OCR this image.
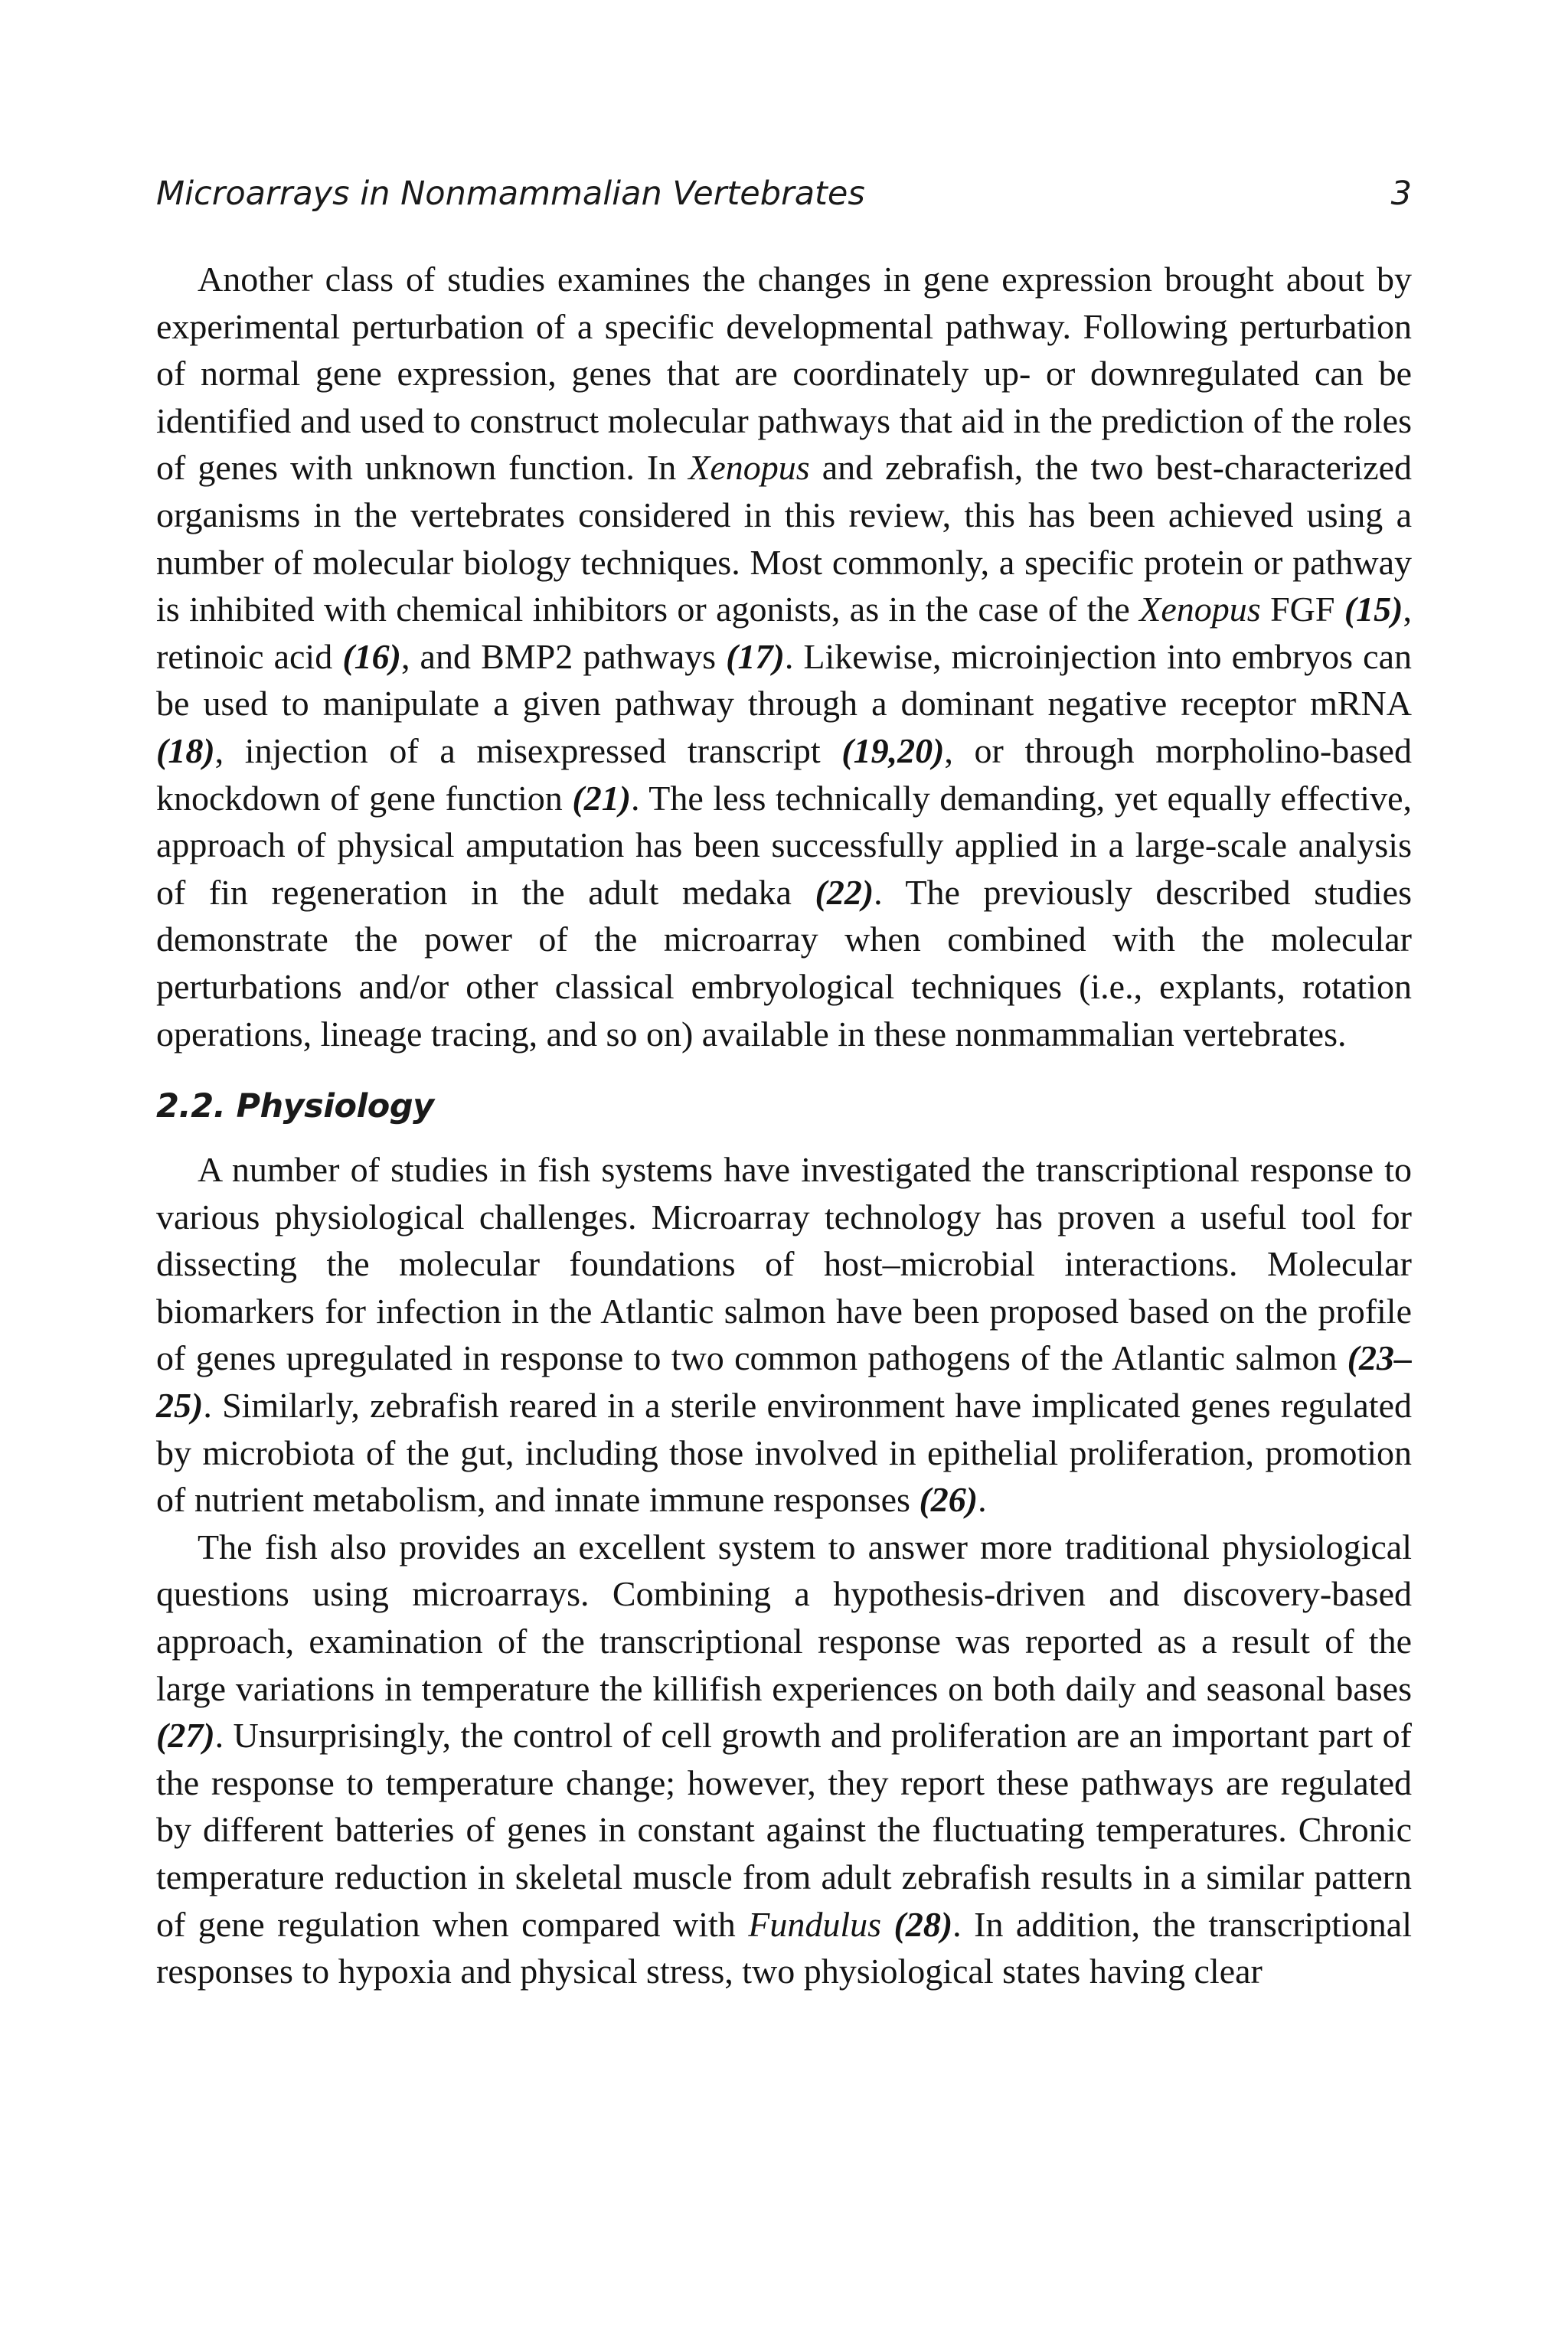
Microarrays in Nonmammalian Vertebrates	3

Another class of studies examines the changes in gene expression brought about by experimental perturbation of a specific developmental pathway. Following perturbation of normal gene expression, genes that are coordinately up- or downregulated can be identified and used to construct molecular pathways that aid in the prediction of the roles of genes with unknown function. In Xenopus and zebrafish, the two best-characterized organisms in the vertebrates considered in this review, this has been achieved using a number of molecular biology techniques. Most commonly, a specific protein or pathway is inhibited with chemical inhibitors or agonists, as in the case of the Xenopus FGF (15), retinoic acid (16), and BMP2 pathways (17). Likewise, microinjection into embryos can be used to manipulate a given pathway through a dominant negative receptor mRNA (18), injection of a misexpressed transcript (19,20), or through morpholino-based knockdown of gene function (21). The less technically demanding, yet equally effective, approach of physical amputation has been successfully applied in a large-scale analysis of fin regeneration in the adult medaka (22). The previously described studies demonstrate the power of the microarray when combined with the molecular perturbations and/or other classical embryological techniques (i.e., explants, rotation operations, lineage tracing, and so on) available in these nonmammalian vertebrates.

2.2. Physiology

A number of studies in fish systems have investigated the transcriptional response to various physiological challenges. Microarray technology has proven a useful tool for dissecting the molecular foundations of host–microbial interactions. Molecular biomarkers for infection in the Atlantic salmon have been proposed based on the profile of genes upregulated in response to two common pathogens of the Atlantic salmon (23–25). Similarly, zebrafish reared in a sterile environment have implicated genes regulated by microbiota of the gut, including those involved in epithelial proliferation, promotion of nutrient metabolism, and innate immune responses (26).

The fish also provides an excellent system to answer more traditional physiological questions using microarrays. Combining a hypothesis-driven and discovery-based approach, examination of the transcriptional response was reported as a result of the large variations in temperature the killifish experiences on both daily and seasonal bases (27). Unsurprisingly, the control of cell growth and proliferation are an important part of the response to temperature change; however, they report these pathways are regulated by different batteries of genes in constant against the fluctuating temperatures. Chronic temperature reduction in skeletal muscle from adult zebrafish results in a similar pattern of gene regulation when compared with Fundulus (28). In addition, the transcriptional responses to hypoxia and physical stress, two physiological states having clear
